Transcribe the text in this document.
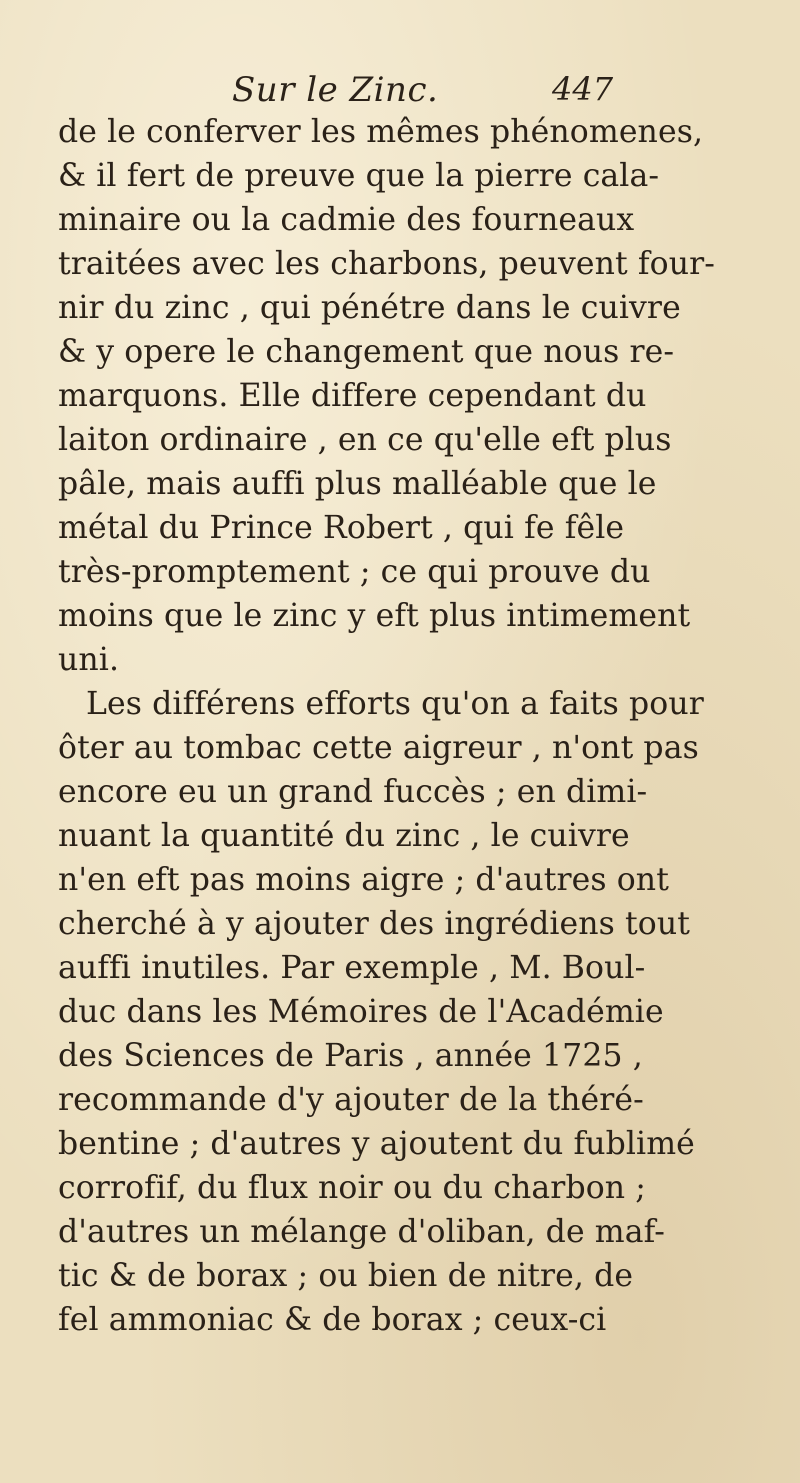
Sur le Zinc.	447
de le conferver les mêmes phénomenes,
& il fert de preuve que la pierre cala-
minaire ou la cadmie des fourneaux
traitées avec les charbons, peuvent four-
nir du zinc , qui pénétre dans le cuivre
& y opere le changement que nous re-
marquons. Elle differe cependant du
laiton ordinaire , en ce qu'elle eft plus
pâle, mais auffi plus malléable que le
métal du Prince Robert , qui fe fêle
très-promptement ; ce qui prouve du
moins que le zinc y eft plus intimement
uni.
Les différens efforts qu'on a faits pour
ôter au tombac cette aigreur , n'ont pas
encore eu un grand fuccès ; en dimi-
nuant la quantité du zinc , le cuivre
n'en eft pas moins aigre ; d'autres ont
cherché à y ajouter des ingrédiens tout
auffi inutiles. Par exemple , M. Boul-
duc dans les Mémoires de l'Académie
des Sciences de Paris , année 1725 ,
recommande d'y ajouter de la théré-
bentine ; d'autres y ajoutent du fublimé
corrofif, du flux noir ou du charbon ;
d'autres un mélange d'oliban, de maf-
tic & de borax ; ou bien de nitre, de
fel ammoniac & de borax ; ceux-ci
